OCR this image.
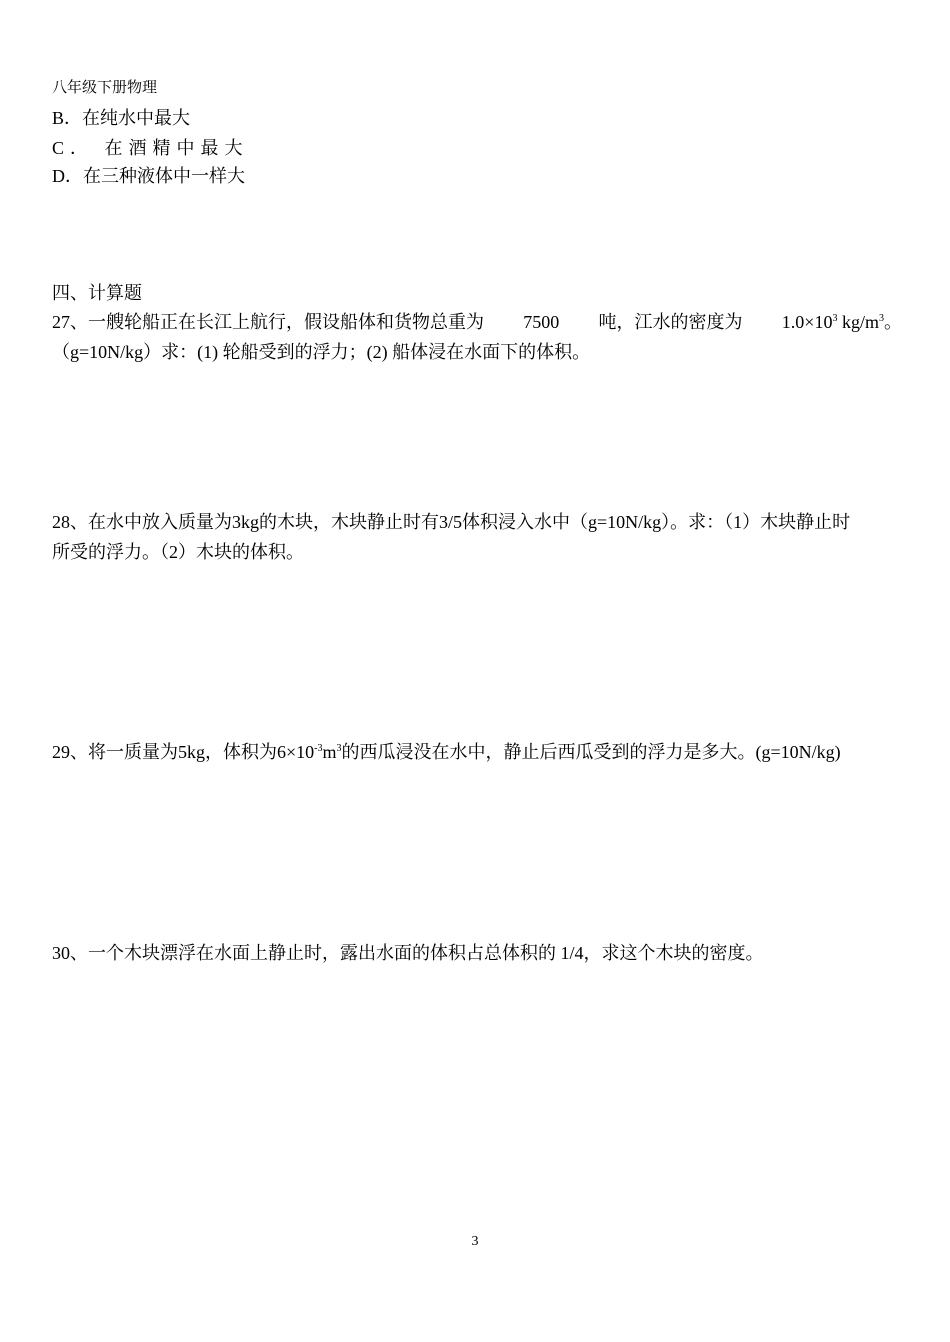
八年级下册物理
B．在纯水中最大
C． 在酒精中最大
D．在三种液体中一样大
四、计算题
27、一艘轮船正在长江上航行，假设船体和货物总重为 7500 吨，江水的密度为 $1.0\times 10^3$ $kg/m^3$。
（g=10N/kg）求：(1) 轮船受到的浮力；(2) 船体浸在水面下的体积。
28、在水中放入质量为3kg的木块，木块静止时有3/5体积浸入水中（g=10N/kg）。求：（1）木块静止时
所受的浮力。（2）木块的体积。
29、将一质量为5kg，体积为$6\times 10^{-3}m^3$的西瓜浸没在水中，静止后西瓜受到的浮力是多大。(g=10N/kg)
30、一个木块漂浮在水面上静止时，露出水面的体积占总体积的 1/4，求这个木块的密度。
3
